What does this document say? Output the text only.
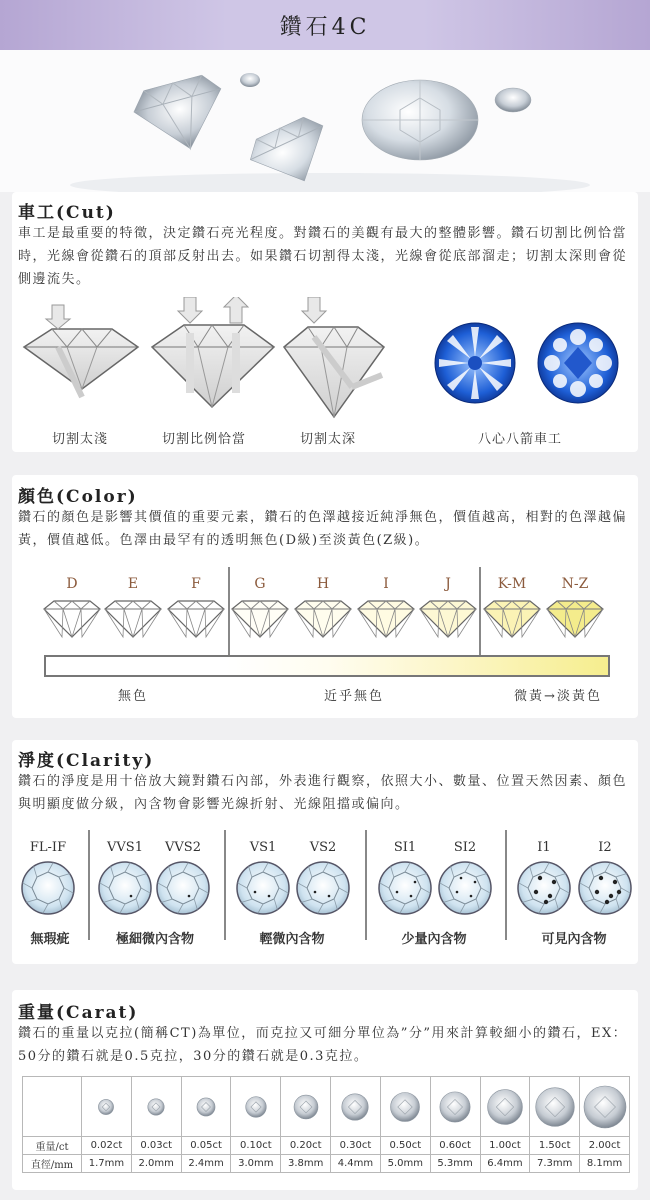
鑽石4C
車工(Cut)
車工是最重要的特徵，決定鑽石亮光程度。對鑽石的美觀有最大的整體影響。鑽石切割比例恰當時，光線會從鑽石的頂部反射出去。如果鑽石切割得太淺，光線會從底部溜走；切割太深則會從側邊流失。
切割太淺	切割比例恰當	切割太深	八心八箭車工
顏色(Color)
鑽石的顏色是影響其價值的重要元素，鑽石的色澤越接近純淨無色，價值越高，相對的色澤越偏黃，價值越低。色澤由最罕有的透明無色(D級)至淡黃色(Z級)。
無色	近乎無色	微黃→淡黃色
D	E	F	G	H	I	J	K-M	N-Z
淨度(Clarity)
鑽石的淨度是用十倍放大鏡對鑽石內部，外表進行觀察，依照大小、數量、位置天然因素、顏色與明顯度做分級，內含物會影響光線折射、光線阻擋或偏向。
無瑕疵	極細微內含物	輕微內含物	少量內含物	可見內含物
FL-IF	VVS1	VVS2	VS1	VS2	SI1	SI2	I1	I2
重量(Carat)
鑽石的重量以克拉(簡稱CT)為單位，而克拉又可細分單位為”分”用來計算較細小的鑽石，EX：50分的鑽石就是0.5克拉，30分的鑽石就是0.3克拉。

重量/ct	0.02ct	0.03ct	0.05ct	0.10ct	0.20ct	0.30ct	0.50ct	0.60ct	1.00ct	1.50ct	2.00ct
直徑/mm	1.7mm	2.0mm	2.4mm	3.0mm	3.8mm	4.4mm	5.0mm	5.3mm	6.4mm	7.3mm	8.1mm
